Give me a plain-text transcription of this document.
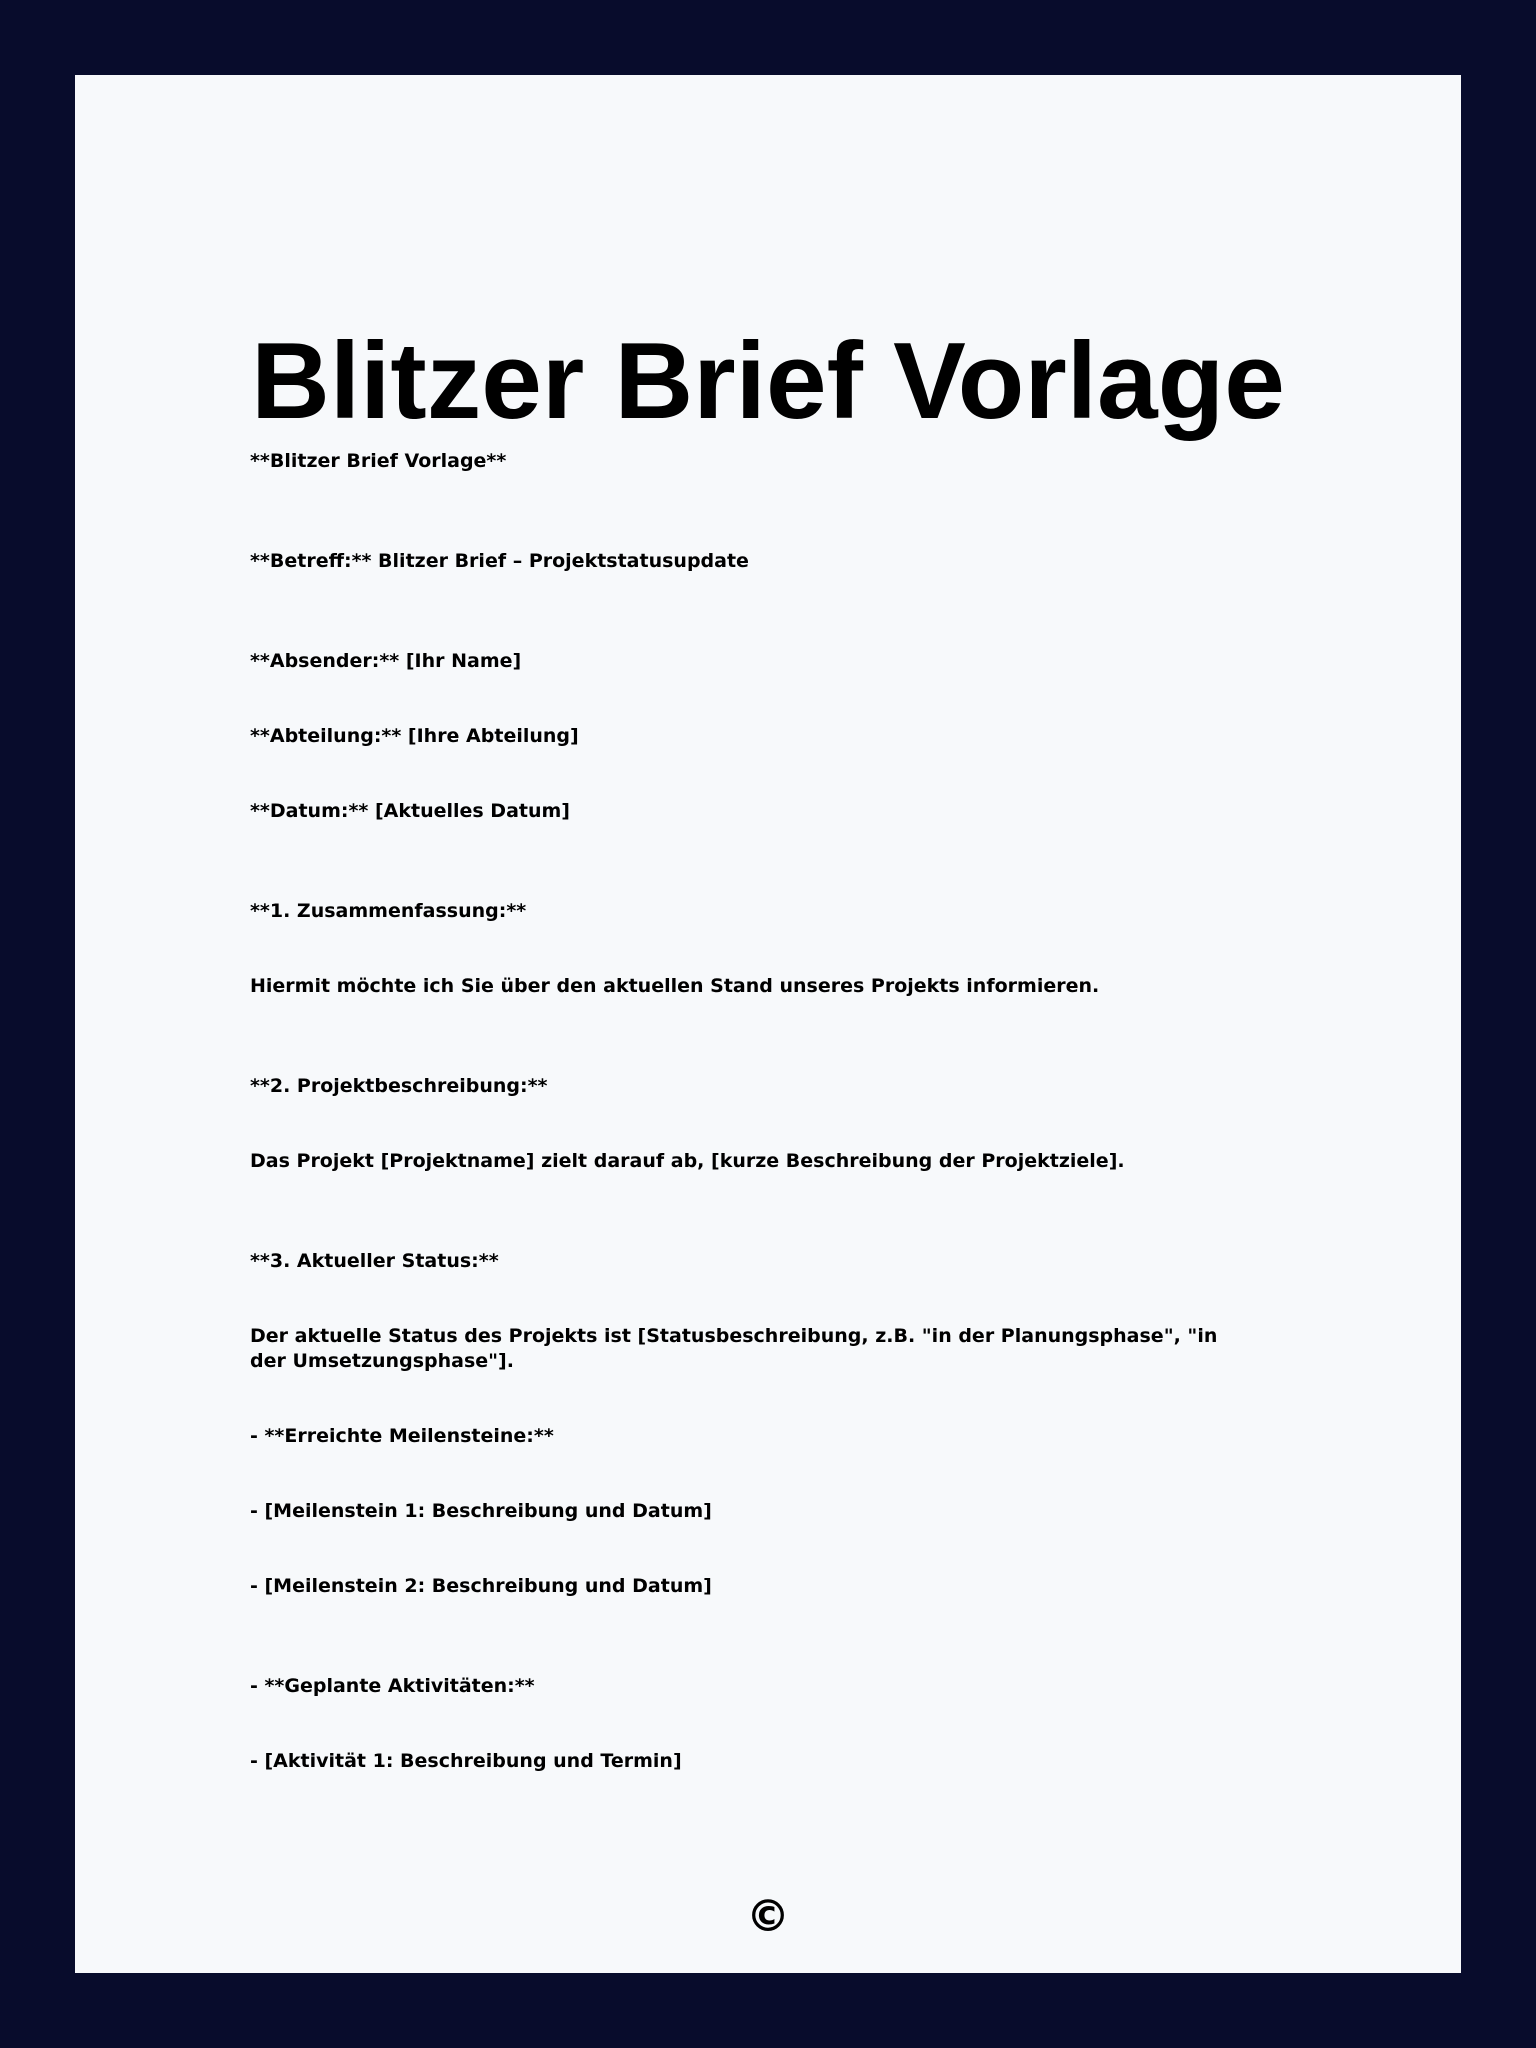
Blitzer Brief Vorlage

**Blitzer Brief Vorlage**

**Betreff:** Blitzer Brief – Projektstatusupdate

**Absender:** [Ihr Name]

**Abteilung:** [Ihre Abteilung]

**Datum:** [Aktuelles Datum]

**1. Zusammenfassung:**

Hiermit möchte ich Sie über den aktuellen Stand unseres Projekts informieren.

**2. Projektbeschreibung:**

Das Projekt [Projektname] zielt darauf ab, [kurze Beschreibung der Projektziele].

**3. Aktueller Status:**

Der aktuelle Status des Projekts ist [Statusbeschreibung, z.B. "in der Planungsphase", "in der Umsetzungsphase"].

- **Erreichte Meilensteine:**

- [Meilenstein 1: Beschreibung und Datum]

- [Meilenstein 2: Beschreibung und Datum]

- **Geplante Aktivitäten:**

- [Aktivität 1: Beschreibung und Termin]

©
